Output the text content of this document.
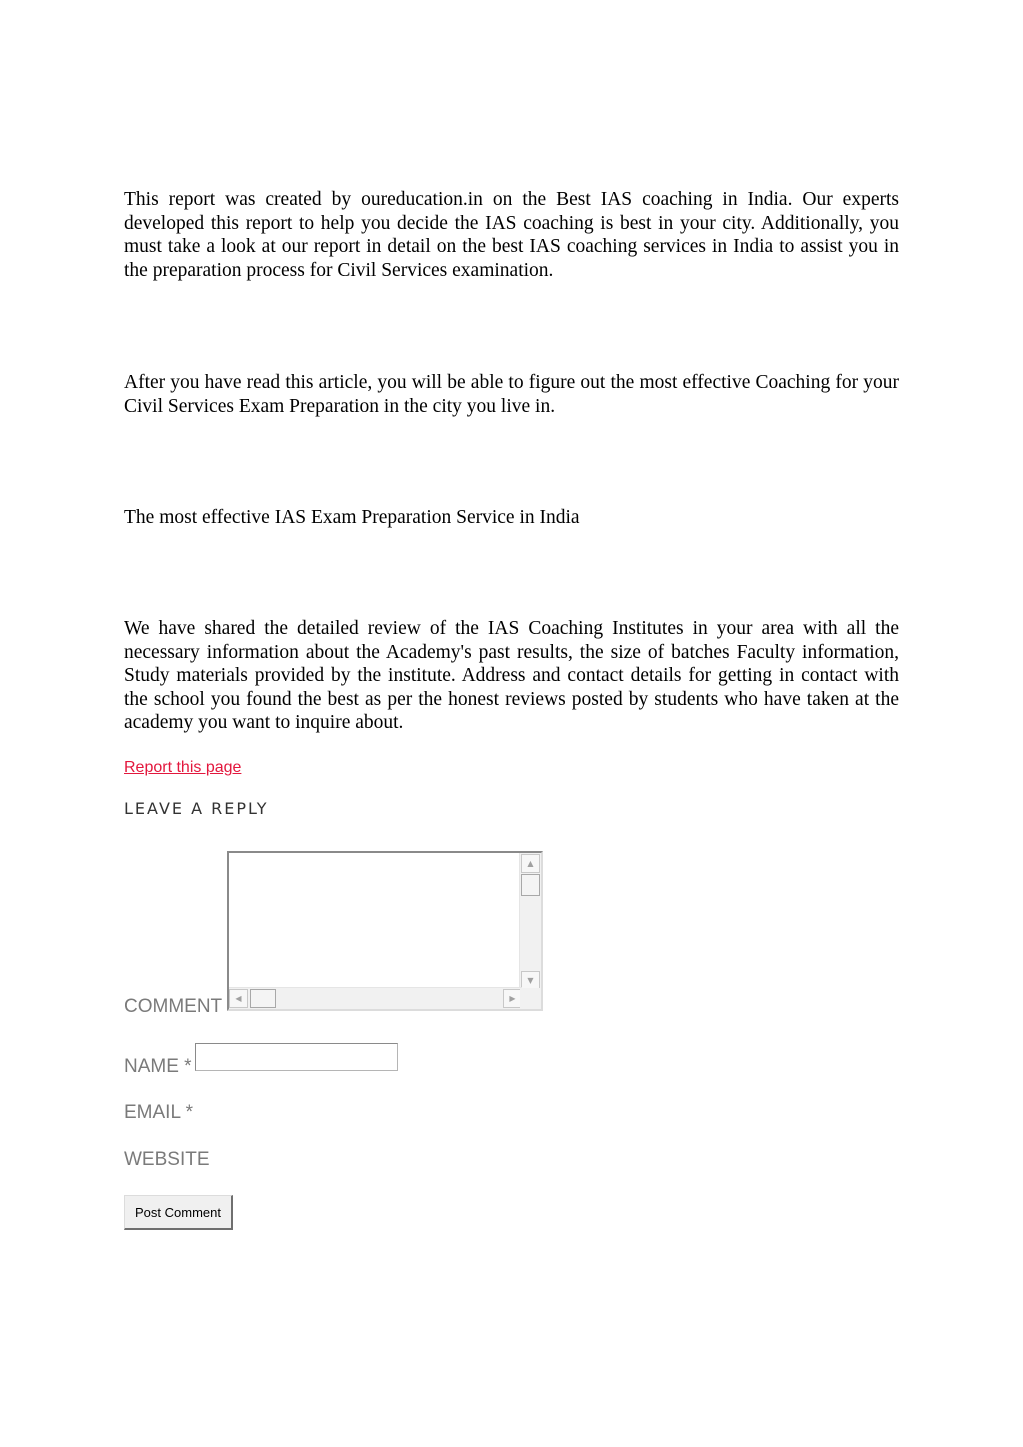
This report was created by oureducation.in on the Best IAS coaching in India. Our experts developed this report to help you decide the IAS coaching is best in your city. Additionally, you must take a look at our report in detail on the best IAS coaching services in India to assist you in the preparation process for Civil Services examination.

After you have read this article, you will be able to figure out the most effective Coaching for your Civil Services Exam Preparation in the city you live in.

The most effective IAS Exam Preparation Service in India

We have shared the detailed review of the IAS Coaching Institutes in your area with all the necessary information about the Academy's past results, the size of batches Faculty information, Study materials provided by the institute. Address and contact details for getting in contact with the school you found the best as per the honest reviews posted by students who have taken at the academy you want to inquire about.

Report this page
LEAVE A REPLY
COMMENT
▲
▼
◀	▶
NAME *
EMAIL *
WEBSITE
Post Comment
